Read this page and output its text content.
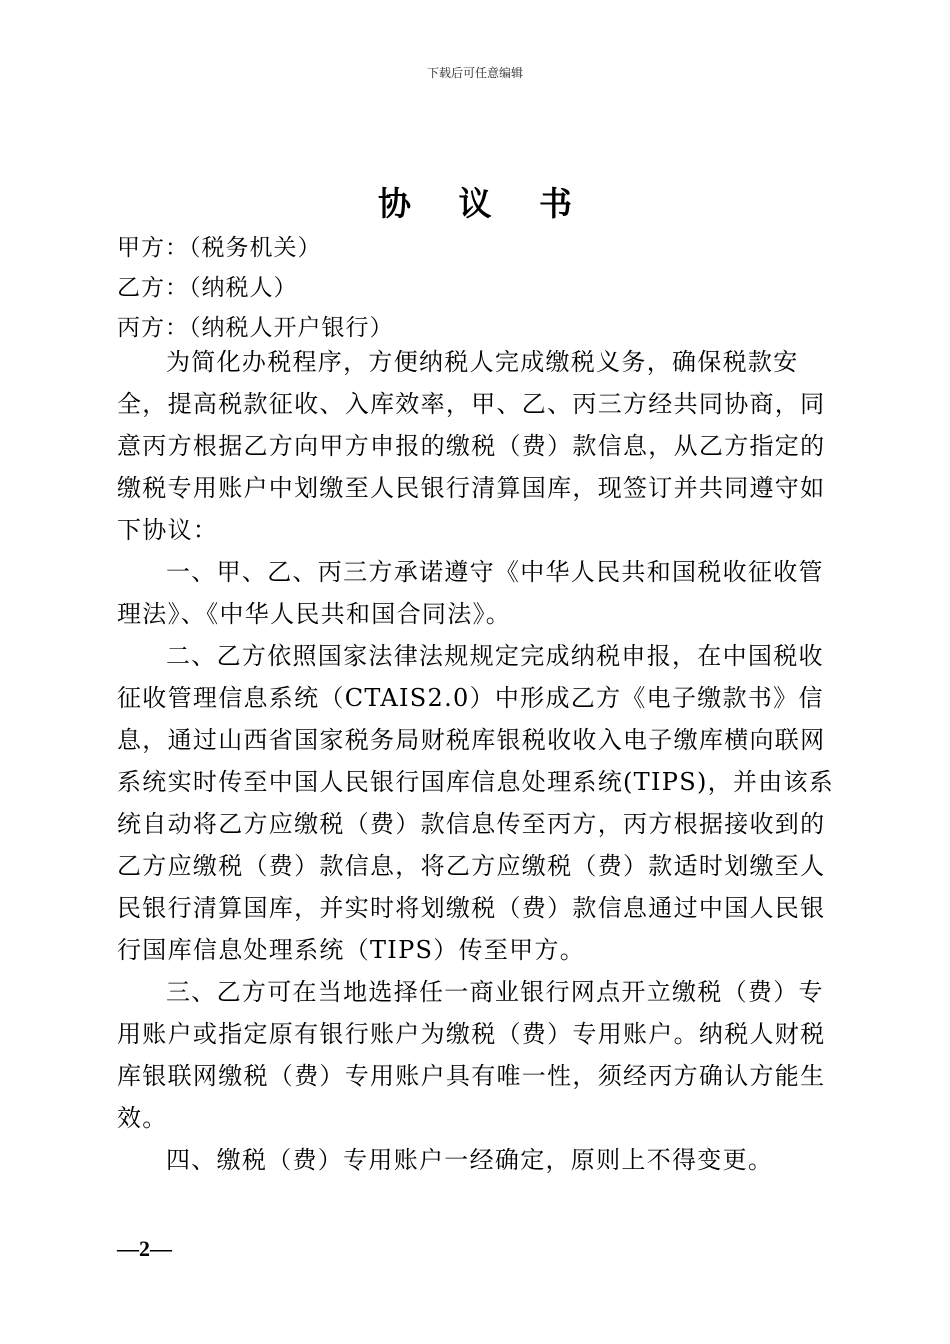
下载后可任意编辑
协 议 书
甲方：（税务机关）
乙方：（纳税人）
丙方：（纳税人开户银行）
为简化办税程序，方便纳税人完成缴税义务，确保税款安
全，提高税款征收、入库效率，甲、乙、丙三方经共同协商，同
意丙方根据乙方向甲方申报的缴税（费）款信息，从乙方指定的
缴税专用账户中划缴至人民银行清算国库，现签订并共同遵守如
下协议：
一、甲、乙、丙三方承诺遵守《中华人民共和国税收征收管
理法》、《中华人民共和国合同法》。
二、乙方依照国家法律法规规定完成纳税申报，在中国税收
征收管理信息系统（CTAIS2.0）中形成乙方《电子缴款书》信
息，通过山西省国家税务局财税库银税收收入电子缴库横向联网
系统实时传至中国人民银行国库信息处理系统(TIPS)，并由该系
统自动将乙方应缴税（费）款信息传至丙方，丙方根据接收到的
乙方应缴税（费）款信息，将乙方应缴税（费）款适时划缴至人
民银行清算国库，并实时将划缴税（费）款信息通过中国人民银
行国库信息处理系统（TIPS）传至甲方。
三、乙方可在当地选择任一商业银行网点开立缴税（费）专
用账户或指定原有银行账户为缴税（费）专用账户。纳税人财税
库银联网缴税（费）专用账户具有唯一性，须经丙方确认方能生
效。
四、缴税（费）专用账户一经确定，原则上不得变更。
—2—
